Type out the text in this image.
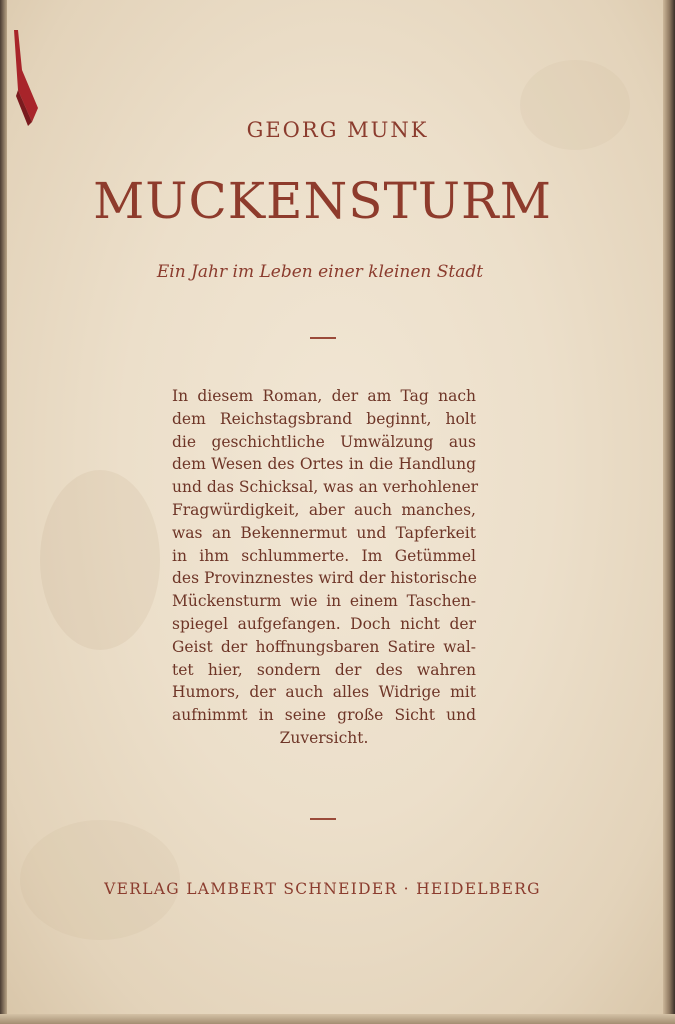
GEORG MUNK
MUCKENSTURM
Ein Jahr im Leben einer kleinen Stadt
In diesem Roman, der am Tag nach
dem Reichstagsbrand beginnt, holt
die geschichtliche Umwälzung aus
dem Wesen des Ortes in die Handlung
und das Schicksal, was an verhohlener
Fragwürdigkeit, aber auch manches,
was an Bekennermut und Tapferkeit
in ihm schlummerte. Im Getümmel
des Provinznestes wird der historische
Mückensturm wie in einem Taschen-
spiegel aufgefangen. Doch nicht der
Geist der hoffnungsbaren Satire wal-
tet hier, sondern der des wahren
Humors, der auch alles Widrige mit
aufnimmt in seine große Sicht und
Zuversicht.
VERLAG LAMBERT SCHNEIDER · HEIDELBERG
